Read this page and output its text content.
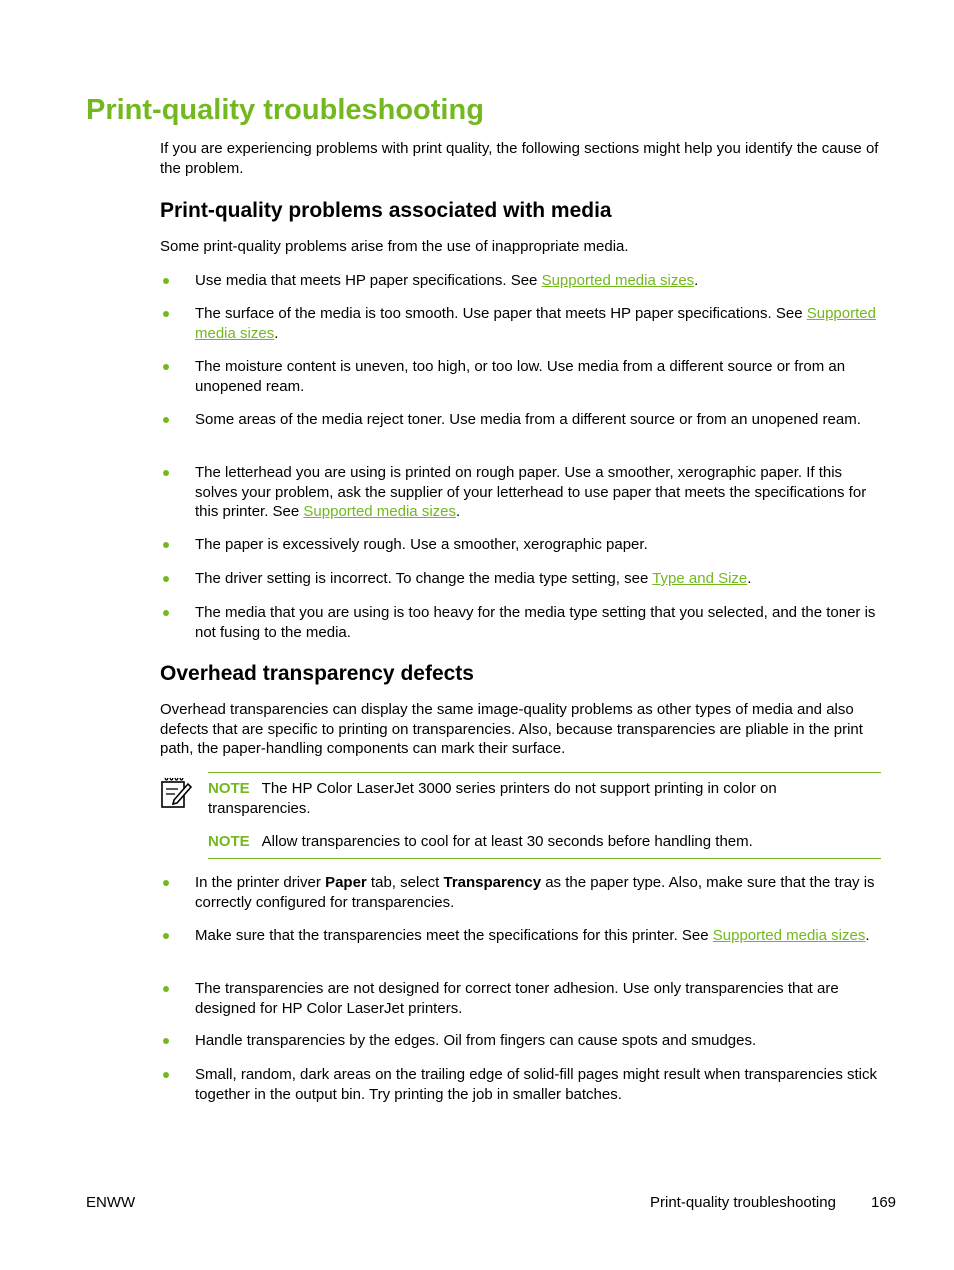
Print-quality troubleshooting

If you are experiencing problems with print quality, the following sections might help you identify the cause of the problem.

Print-quality problems associated with media

Some print-quality problems arise from the use of inappropriate media.

Use media that meets HP paper specifications. See Supported media sizes.
The surface of the media is too smooth. Use paper that meets HP paper specifications. See Supported media sizes.
The moisture content is uneven, too high, or too low. Use media from a different source or from an unopened ream.
Some areas of the media reject toner. Use media from a different source or from an unopened ream.
The letterhead you are using is printed on rough paper. Use a smoother, xerographic paper. If this solves your problem, ask the supplier of your letterhead to use paper that meets the specifications for this printer. See Supported media sizes.
The paper is excessively rough. Use a smoother, xerographic paper.
The driver setting is incorrect. To change the media type setting, see Type and Size.
The media that you are using is too heavy for the media type setting that you selected, and the toner is not fusing to the media.
Overhead transparency defects

Overhead transparencies can display the same image-quality problems as other types of media and also defects that are specific to printing on transparencies. Also, because transparencies are pliable in the print path, the paper-handling components can mark their surface.

NOTE The HP Color LaserJet 3000 series printers do not support printing in color on transparencies.
NOTE Allow transparencies to cool for at least 30 seconds before handling them.
In the printer driver Paper tab, select Transparency as the paper type. Also, make sure that the tray is correctly configured for transparencies.
Make sure that the transparencies meet the specifications for this printer. See Supported media sizes.
The transparencies are not designed for correct toner adhesion. Use only transparencies that are designed for HP Color LaserJet printers.
Handle transparencies by the edges. Oil from fingers can cause spots and smudges.
Small, random, dark areas on the trailing edge of solid-fill pages might result when transparencies stick together in the output bin. Try printing the job in smaller batches.
ENWW	Print-quality troubleshooting 169
